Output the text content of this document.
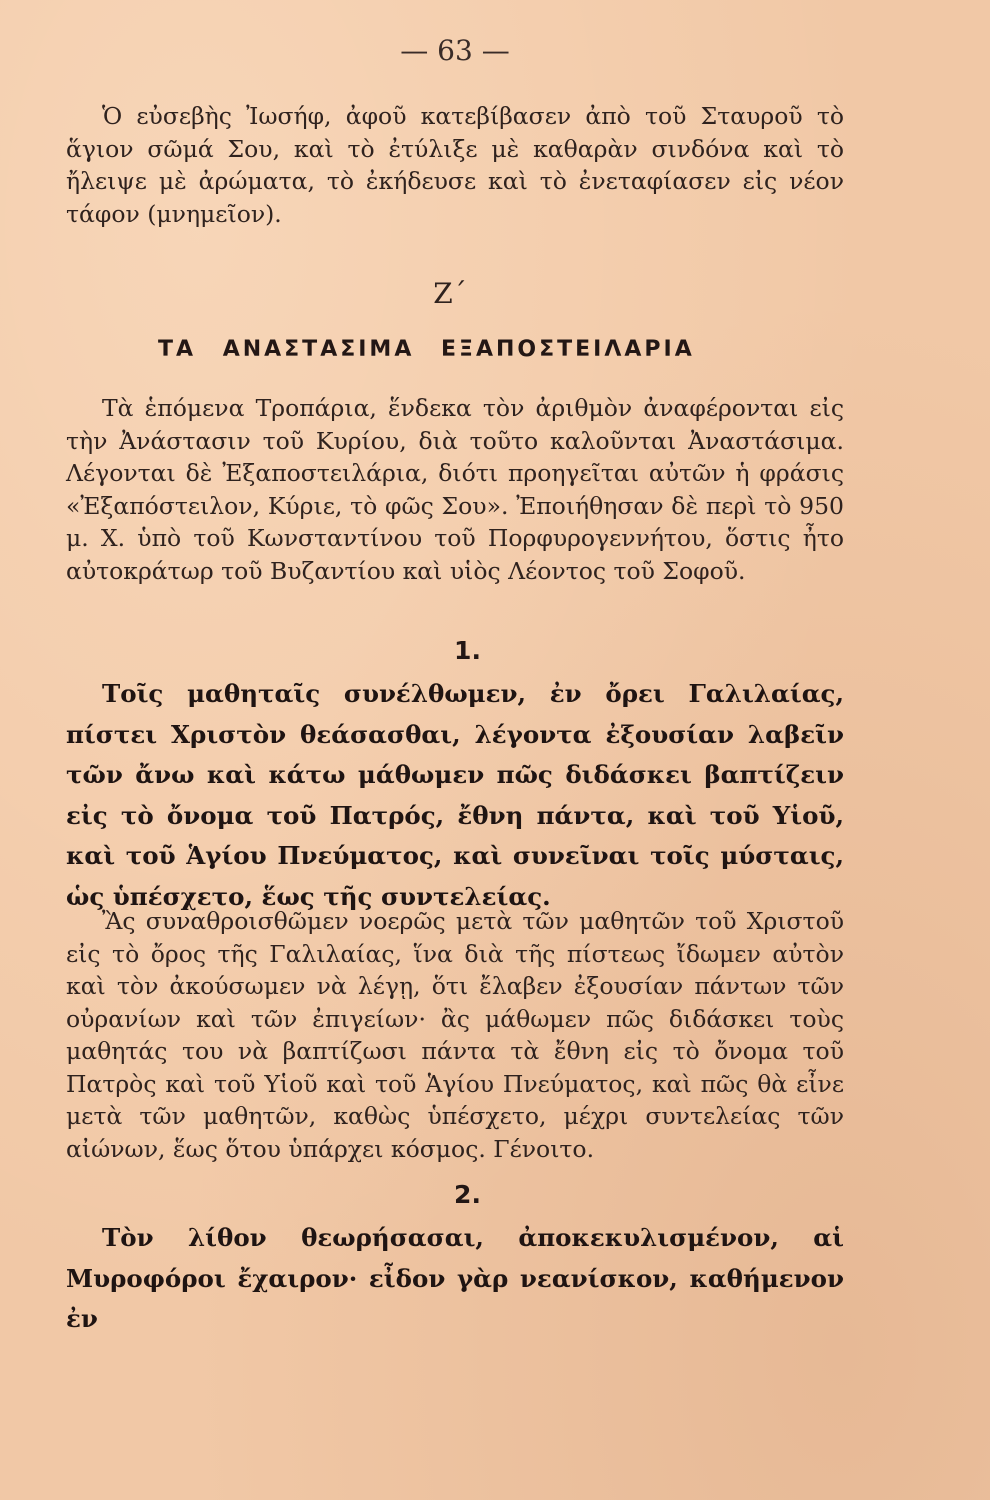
— 63 —

Ὁ εὐσεβὴς Ἰωσήφ, ἀφοῦ κατεβίβασεν ἀπὸ τοῦ Σταυροῦ τὸ ἅγιον σῶμά Σου, καὶ τὸ ἐτύλιξε μὲ καθαρὰν σινδόνα καὶ τὸ ἤλειψε μὲ ἀρώματα, τὸ ἐκήδευσε καὶ τὸ ἐνεταφίασεν εἰς νέον τάφον (μνημεῖον).

Ζ΄
ΤΑ ΑΝΑΣΤΑΣΙΜΑ ΕΞΑΠΟΣΤΕΙΛΑΡΙΑ

Τὰ ἑπόμενα Τροπάρια, ἕνδεκα τὸν ἀριθμὸν ἀναφέρονται εἰς τὴν Ἀνάστασιν τοῦ Κυρίου, διὰ τοῦτο καλοῦνται Ἀναστάσιμα. Λέγονται δὲ Ἐξαποστειλάρια, διότι προηγεῖται αὐτῶν ἡ φράσις «Ἐξαπόστειλον, Κύριε, τὸ φῶς Σου». Ἐποιήθησαν δὲ περὶ τὸ 950 μ. Χ. ὑπὸ τοῦ Κωνσταντίνου τοῦ Πορφυρογεννήτου, ὅστις ἦτο αὐτοκράτωρ τοῦ Βυζαντίου καὶ υἱὸς Λέοντος τοῦ Σοφοῦ.

1.

Τοῖς μαθηταῖς συνέλθωμεν, ἐν ὄρει Γαλιλαίας, πίστει Χριστὸν θεάσασθαι, λέγοντα ἐξουσίαν λαβεῖν τῶν ἄνω καὶ κάτω μάθωμεν πῶς διδάσκει βαπτίζειν εἰς τὸ ὄνομα τοῦ Πατρός, ἔθνη πάντα, καὶ τοῦ Υἱοῦ, καὶ τοῦ Ἁγίου Πνεύματος, καὶ συνεῖναι τοῖς μύσταις, ὡς ὑπέσχετο, ἕως τῆς συντελείας.

Ἂς συναθροισθῶμεν νοερῶς μετὰ τῶν μαθητῶν τοῦ Χριστοῦ εἰς τὸ ὄρος τῆς Γαλιλαίας, ἵνα διὰ τῆς πίστεως ἴδωμεν αὐτὸν καὶ τὸν ἀκούσωμεν νὰ λέγῃ, ὅτι ἔλαβεν ἐξουσίαν πάντων τῶν οὐρανίων καὶ τῶν ἐπιγείων· ἂς μάθωμεν πῶς διδάσκει τοὺς μαθητάς του νὰ βαπτίζωσι πάντα τὰ ἔθνη εἰς τὸ ὄνομα τοῦ Πατρὸς καὶ τοῦ Υἱοῦ καὶ τοῦ Ἁγίου Πνεύματος, καὶ πῶς θὰ εἶνε μετὰ τῶν μαθητῶν, καθὼς ὑπέσχετο, μέχρι συντελείας τῶν αἰώνων, ἕως ὅτου ὑπάρχει κόσμος. Γένοιτο.

2.

Τὸν λίθον θεωρήσασαι, ἀποκεκυλισμένον, αἱ Μυροφόροι ἔχαιρον· εἶδον γὰρ νεανίσκον, καθήμενον ἐν
